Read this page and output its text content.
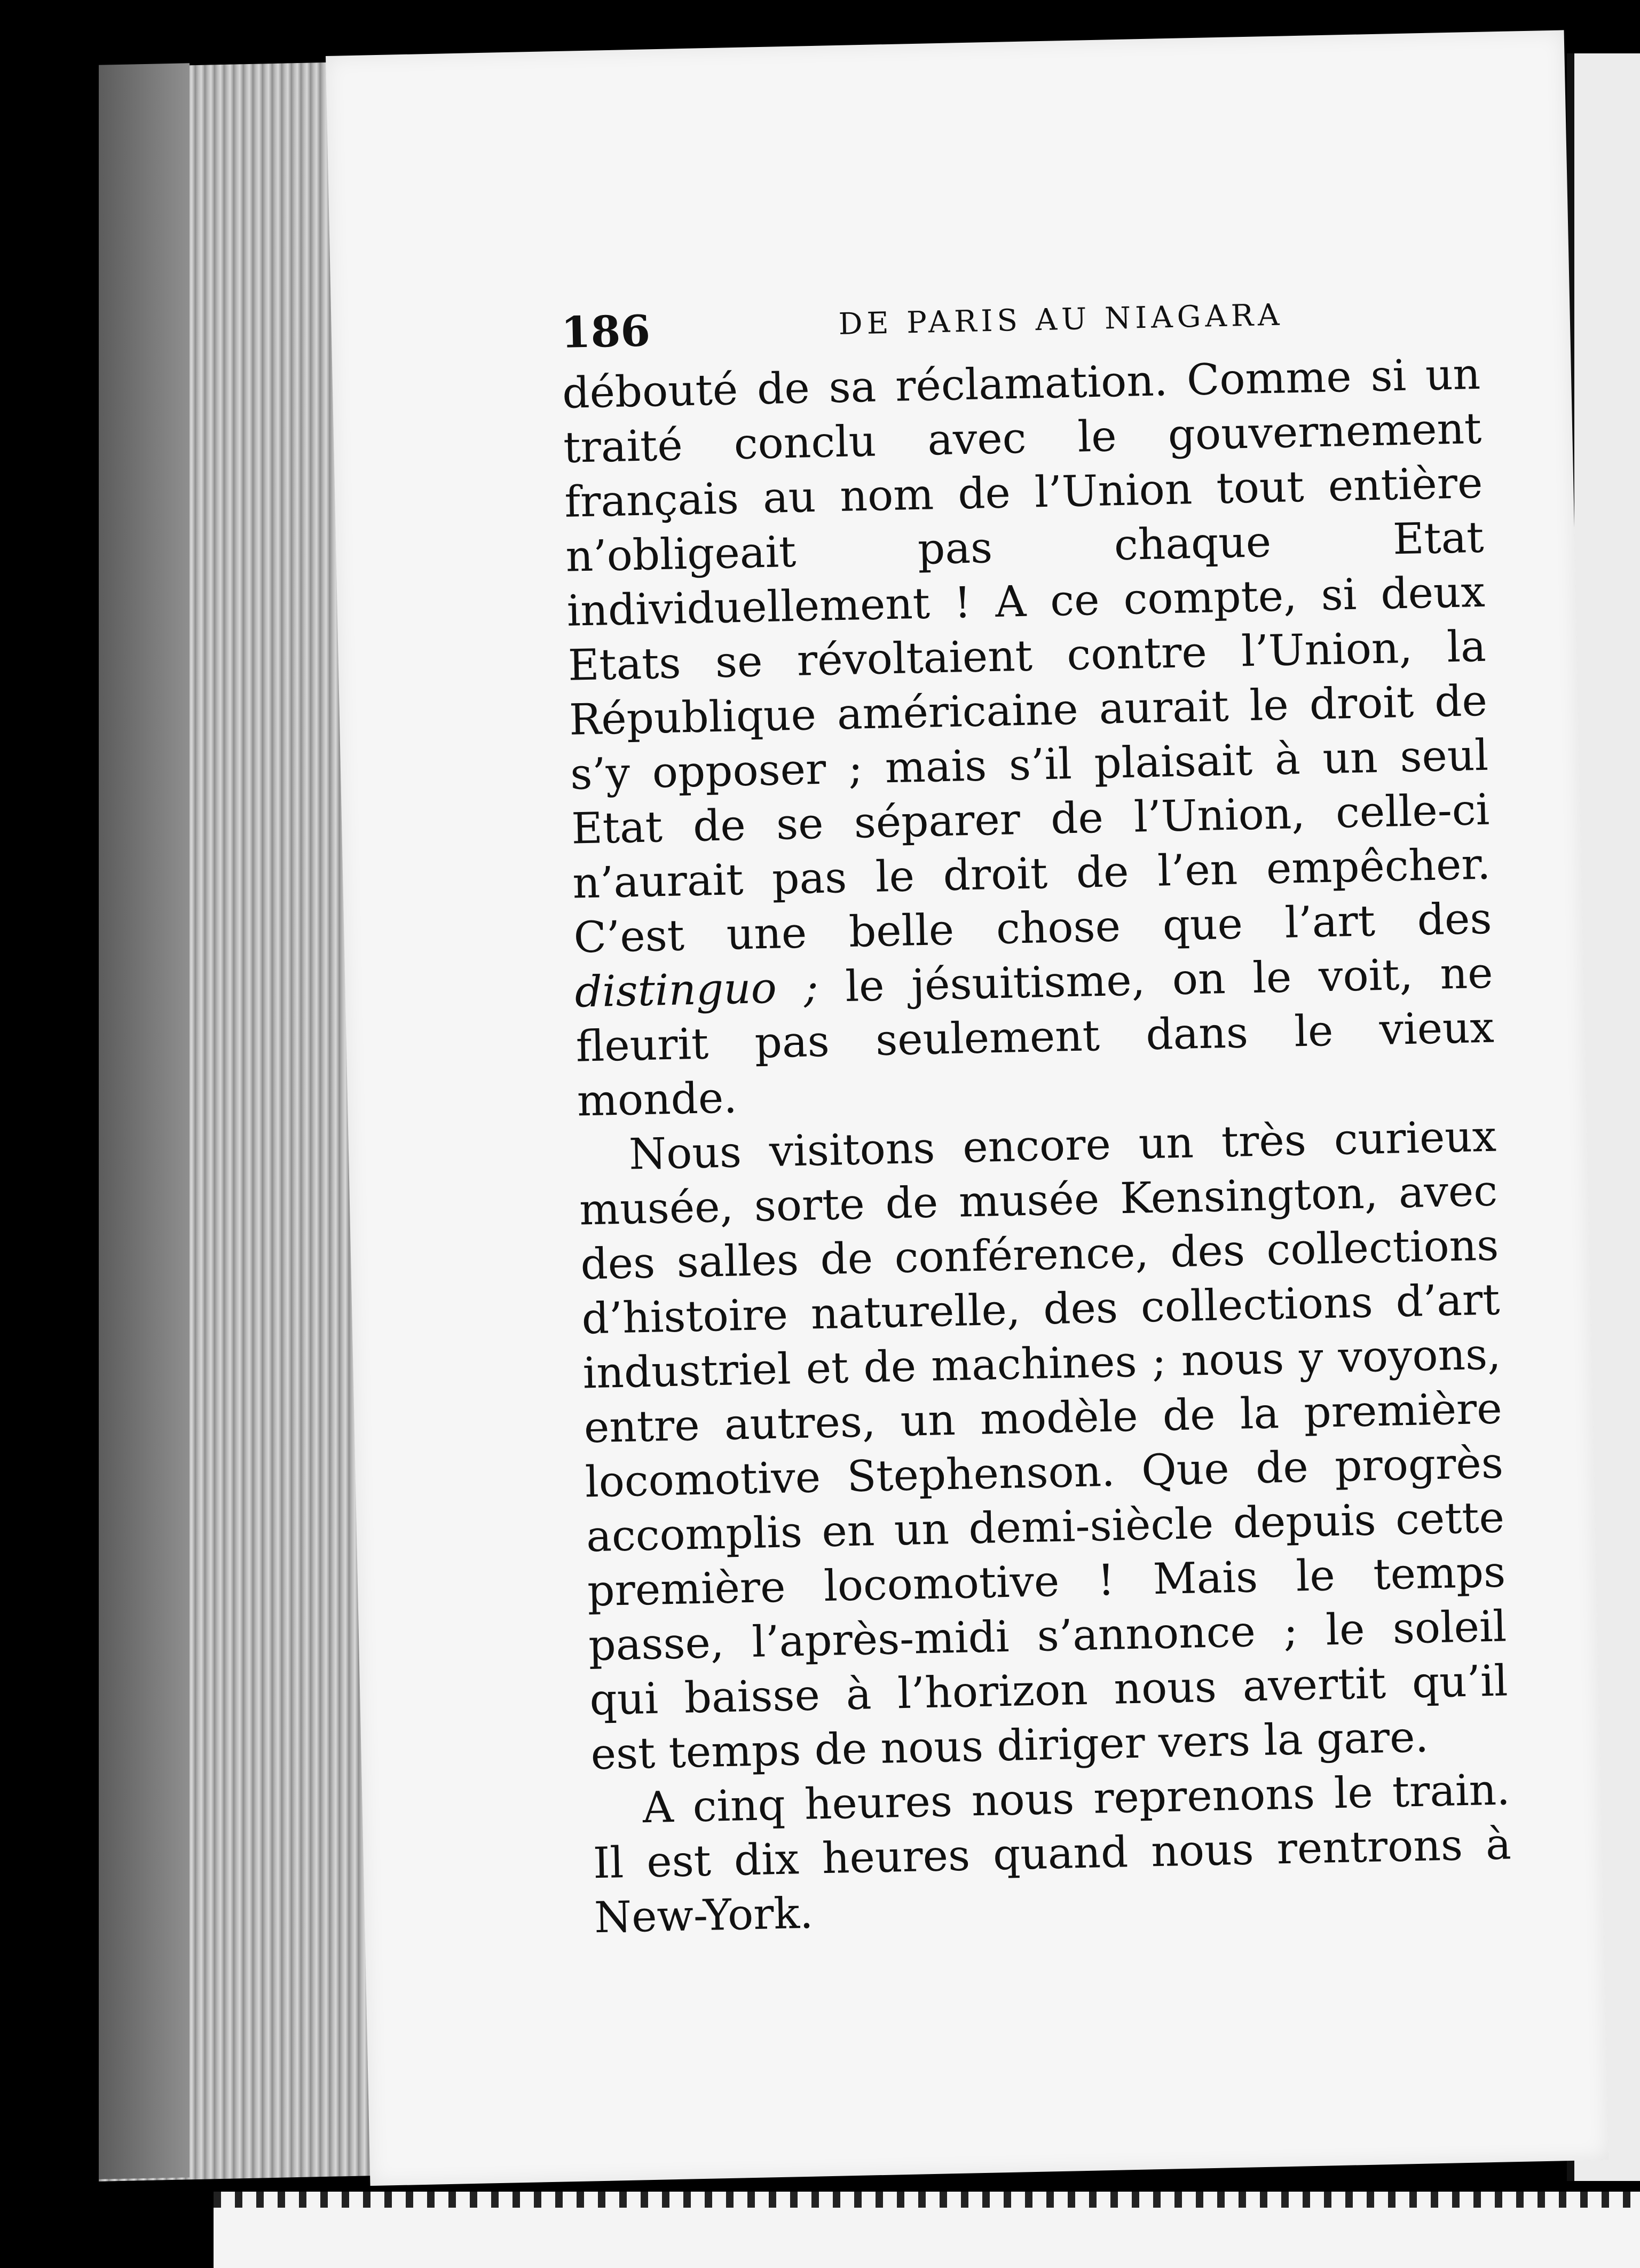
186	DE PARIS AU NIAGARA

débouté de sa réclamation. Comme si un traité conclu avec le gouvernement français au nom de l’Union tout entière n’obligeait pas chaque Etat individuellement ! A ce compte, si deux Etats se révoltaient contre l’Union, la République américaine aurait le droit de s’y opposer ; mais s’il plaisait à un seul Etat de se séparer de l’Union, celle-ci n’aurait pas le droit de l’en empêcher. C’est une belle chose que l’art des distinguo ; le jésuitisme, on le voit, ne fleurit pas seulement dans le vieux monde.

Nous visitons encore un très curieux musée, sorte de musée Kensington, avec des salles de conférence, des collections d’histoire naturelle, des collections d’art industriel et de machines ; nous y voyons, entre autres, un modèle de la première locomotive Stephenson. Que de progrès accomplis en un demi-siècle depuis cette première locomotive ! Mais le temps passe, l’après-midi s’annonce ; le soleil qui baisse à l’horizon nous avertit qu’il est temps de nous diriger vers la gare.

A cinq heures nous reprenons le train. Il est dix heures quand nous rentrons à New-York.
